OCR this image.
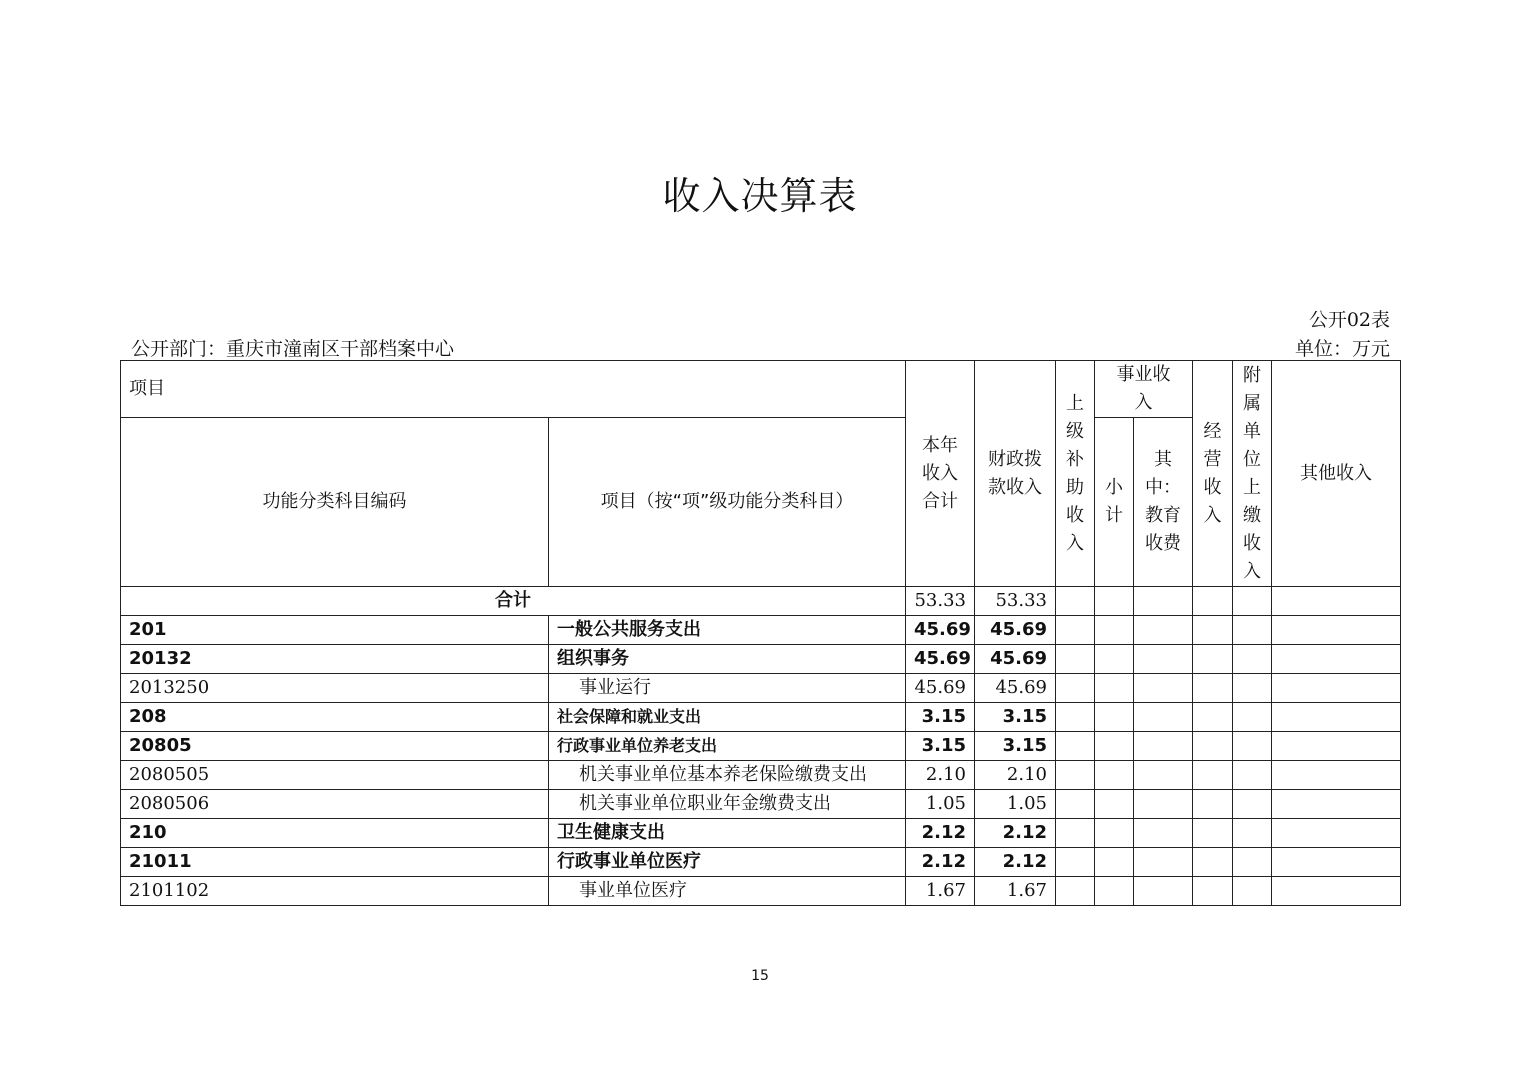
收入决算表
公开02表
公开部门：重庆市潼南区干部档案中心	单位：万元
项目		本年收入合计	财政拨款收入	上级补助收入	事业收入		经营收入	附属单位上缴收入	其他收入
功能分类科目编码	项目（按“项”级功能分类科目）				小计	其中：教育收费			
合计		53.33	53.33						
201	一般公共服务支出	45.69	45.69						
20132	组织事务	45.69	45.69						
2013250	事业运行	45.69	45.69						
208	社会保障和就业支出	3.15	3.15						
20805	行政事业单位养老支出	3.15	3.15						
2080505	机关事业单位基本养老保险缴费支出	2.10	2.10						
2080506	机关事业单位职业年金缴费支出	1.05	1.05						
210	卫生健康支出	2.12	2.12						
21011	行政事业单位医疗	2.12	2.12						
2101102	事业单位医疗	1.67	1.67						
15
